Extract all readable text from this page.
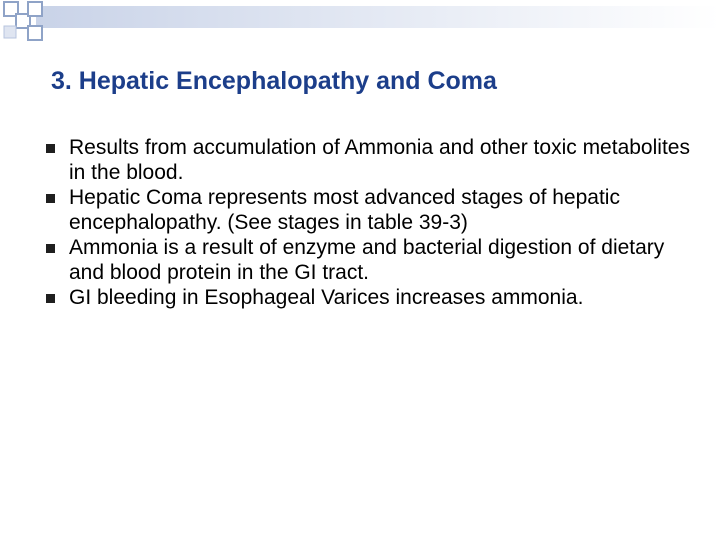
3. Hepatic Encephalopathy and Coma
Results from accumulation of Ammonia and other toxic metabolites in the blood.
Hepatic Coma represents most advanced stages of hepatic encephalopathy. (See stages in table 39-3)
Ammonia is a result of enzyme and bacterial digestion of dietary and blood protein in the GI tract.
GI bleeding in Esophageal Varices increases ammonia.
